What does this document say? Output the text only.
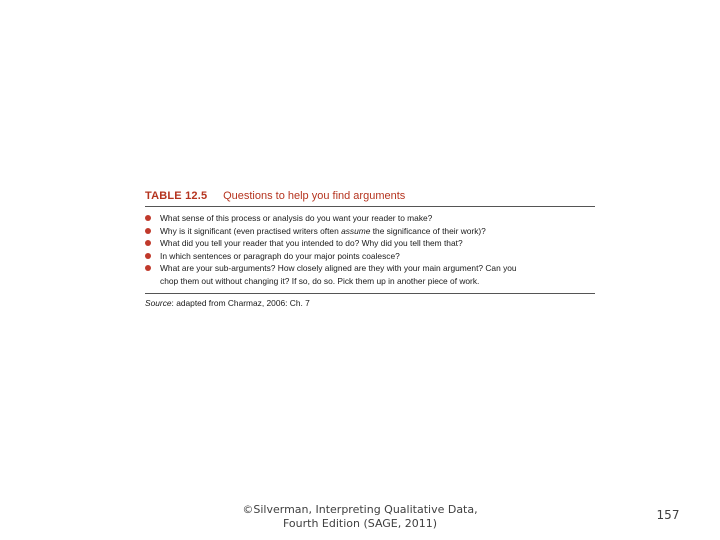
TABLE 12.5 Questions to help you find arguments
What sense of this process or analysis do you want your reader to make?
Why is it significant (even practised writers often assume the significance of their work)?
What did you tell your reader that you intended to do? Why did you tell them that?
In which sentences or paragraph do your major points coalesce?
What are your sub-arguments? How closely aligned are they with your main argument? Can you
chop them out without changing it? If so, do so. Pick them up in another piece of work.
Source: adapted from Charmaz, 2006: Ch. 7
©Silverman, Interpreting Qualitative Data,
Fourth Edition (SAGE, 2011)
157
